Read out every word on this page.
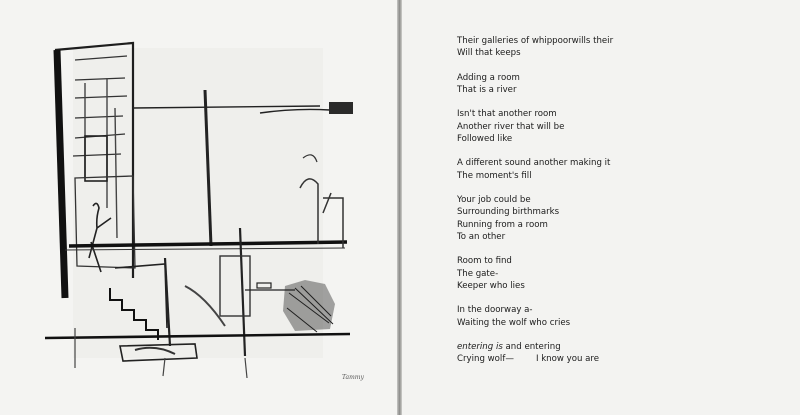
Tammy
Their galleries of whippoorwills their
Will that keeps
Adding a room
That is a river
Isn't that another room
Another river that will be
Followed like
A different sound another making it
The moment's fill
Your job could be
Surrounding birthmarks
Running from a room
To an other
Room to find
The gate-
Keeper who lies
In the doorway a-
Waiting the wolf who cries
entering is and entering
Crying wolf—	I know you are
